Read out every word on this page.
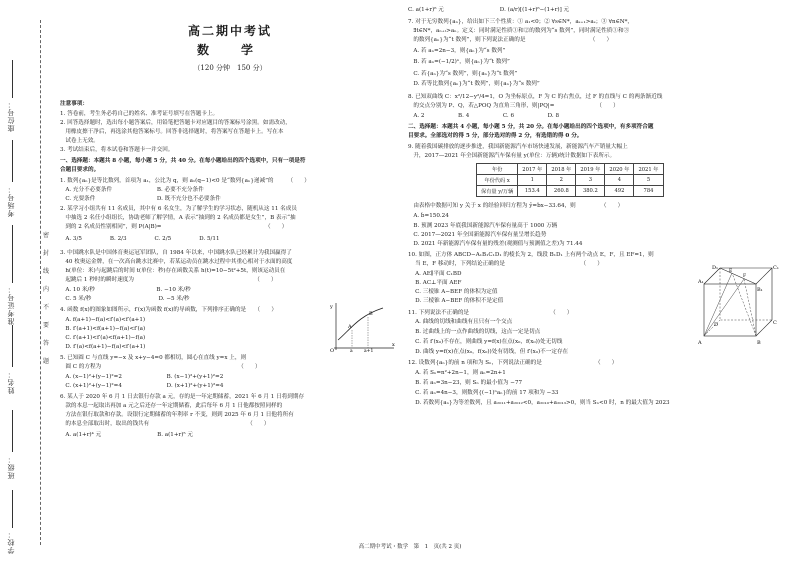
座位号：
考场号：
准考证号：
姓名：
班级：
学校：
密
封
线
内
不
要
答
题
高二期中考试
数　学
（120 分钟　150 分）
注意事项：
1. 答卷前，考生务必将自己的姓名、准考证号填写在答题卡上。
2. 回答选择题时，选出每小题答案后，用铅笔把答题卡对应题目的答案标号涂黑。如需改动，
用橡皮擦干净后，再选涂其他答案标号。回答非选择题时，将答案写在答题卡上。写在本
试卷上无效。
3. 考试结束后，将本试卷和答题卡一并交回。
一、选择题：本题共 8 小题，每小题 5 分，共 40 分。在每小题给出的四个选项中，只有一项是符
合题目要求的。
1. 数列{aₙ}是等比数列，首项为 a₁，公比为 q，则 a₁(q−1)<0 是“数列{aₙ}递减”的　　　（　　）
A. 充分不必要条件　　　　　　　　B. 必要不充分条件
C. 充要条件　　　　　　　　　　　D. 既不充分也不必要条件
2. 某学习小组共有 11 名成员，其中有 6 名女生，为了解学生的学习状态，随机从这 11 名成员
中抽选 2 名任小组组长，协助老师了解学情，A 表示“抽到的 2 名成员都是女生”，B 表示“抽
到的 2 名成员性别相同”，则 P(A|B)=　　　　　　　　　　　　　　　　　　　（　　）
A. 3/5　　　　　B. 2/3　　　　　C. 2/5　　　　　D. 5/11
3. 中国跳水队是中国体育奥运冠军团队，自 1984 年以来，中国跳水队已经累计为我国赢得了
40 枚奥运金牌，在一次高台跳水比赛中，若某运动员在跳水过程中其重心相对于水面的高度
h(单位：米)与起跳后的时间 t(单位：秒)存在函数关系 h(t)=10−5t²+5t，则该运动员在
起跳后 1 秒时的瞬时速度为　　　　　　　　　　　　　　　　　　　　　　（　　）
A. 10 米/秒　　　　　　　　　　　B. −10 米/秒
C. 5 米/秒　　　　　　　　　　　　D. −5 米/秒
4. 函数 f(x)的图象如图所示，f′(x)为函数 f(x)的导函数，下列排序正确的是　　（　　）
A. f(a+1)−f(a)<f′(a)<f′(a+1)
B. f′(a+1)<f(a+1)−f(a)<f′(a)
C. f′(a+1)<f′(a)<f(a+1)−f(a)
D. f′(a)<f(a+1)−f(a)<f′(a+1)
5. 已知圆 C 与直线 y=−x 及 x+y−4=0 都相切，圆心在直线 y=x 上，则
圆 C 的方程为　　　　　　　　　　　　　　　　　　　　　　　　　（　　）
A. (x−1)²+(y−1)²=2　　　　　　　　B. (x−1)²+(y+1)²=2
C. (x+1)²+(y−1)²=4　　　　　　　　D. (x+1)²+(y+1)²=4
6. 某人于 2020 年 6 月 1 日去银行存款 a 元，存的是一年定期储蓄，2021 年 6 月 1 日将到期存
款的本息一起取出再加 a 元之后还存一年定期储蓄，此后每年 6 月 1 日他都按照同样的
方法在银行取款和存款。设银行定期储蓄的年利率 r 不变，则到 2025 年 6 月 1 日他将所有
的本息全部取出时，取出的钱共有　　　　　　　　　　　　　　　　　　（　　）
A. a(1+r)⁴ 元　　　　　　　　　　B. a(1+r)⁵ 元
y
x
O	a	a+1
A
B
C. a(1+r)⁶ 元　　　　　　　　　　D. (a/r)[(1+r)⁶−(1+r)] 元
7. 对于无穷数列{aₙ}，给出如下三个性质：① a₁<0；② ∀s∈N*，aₛ₊₁>aₛ；③ ∀n∈N*，
∃t∈N*，aₙ₊ₜ>aₙ。定义：同时满足性质①和②的数列为“s 数列”，同时满足性质①和③
的数列{aₙ}为“t 数列”，则下列说法正确的是　　　　　　　　　　　　（　　）
A. 若 aₙ=2n−3，则{aₙ}为“s 数列”
B. 若 aₙ=(−1/2)ⁿ，则{aₙ}为“t 数列”
C. 若{aₙ}为“s 数列”，则{aₙ}为“t 数列”
D. 若等比数列{aₙ}为“t 数列”，则{aₙ}为“s 数列”
8. 已知双曲线 C：x²/12−y²/4=1，O 为坐标原点，F 为 C 的右焦点，过 F 的直线与 C 的两条渐近线
的交点分别为 P、Q，若△POQ 为直角三角形，则|PQ|=　　　　　　　　（　　）
A. 2　　　　　　B. 4　　　　　　C. 6　　　　　　D. 8
二、选择题：本题共 4 小题，每小题 5 分，共 20 分。在每小题给出的四个选项中，有多项符合题
目要求。全部选对的得 5 分，部分选对的得 2 分，有选错的得 0 分。
9. 随着我国碳排放的逐步推进，我国新能源汽车市场快速发展，新能源汽车产销量大幅上
升，2017—2021 年全国新能源汽车保有量 y(单位：万辆)统计数据如下表所示。
年份	2017 年	2018 年	2019 年	2020 年	2021 年
年份代码 x	1	2	3	4	5
保有量 y/万辆	153.4	260.8	380.2	492	784
由表格中数据可知 y 关于 x 的经验回归方程为 ŷ=b̂x−33.64，则　　　　　（　　）
A. b̂=150.24
B. 预测 2023 年底我国新能源汽车保有量高于 1000 万辆
C. 2017—2021 年全国新能源汽车保有量呈增长趋势
D. 2021 年新能源汽车保有量的残差(观测值与预测值之差)为 71.44
10. 如图，正方体 ABCD−A₁B₁C₁D₁ 的棱长为 2，线段 B₁D₁ 上有两个动点 E，F，且 EF=1，则
当 E，F 移动时，下列结论正确的是　　　　　　　　　　　　　　（　　）
A. AE∥平面 C₁BD
B. AC⊥平面 AEF
C. 三棱锥 A−BEF 的体积为定值
D. 三棱锥 A−BEF 的体积不是定值
11. 下列说法不正确的是　　　　　　　　　　　　　　　（　　）
A. 曲线的切线和曲线有且只有一个交点
B. 过曲线上的一点作曲线的切线，这点一定是切点
C. 若 f′(x₀)不存在，则曲线 y=f(x)在点(x₀，f(x₀))处无切线
D. 曲线 y=f(x)在点(x₀，f(x₀))处有切线，但 f′(x₀)不一定存在
12. 设数列{aₙ}的前 n 项和为 Sₙ，下列说法正确的是　　　　　　　　　　（　　）
A. 若 Sₙ=n²+2n−1，则 aₙ=2n+1
B. 若 aₙ=3n−23，则 Sₙ 的最小值为 −77
C. 若 aₙ=4n−3，则数列{(−1)ⁿaₙ}的前 17 项和为 −33
D. 若数列{aₙ}为等差数列，且 a₂₀₁₁+a₂₀₁₂<0，a₂₀₁₀+a₂₀₁₃>0，则当 Sₙ<0 时，n 的最大值为 2023
D₁	C₁
A₁
B₁
E
F
D	C
A	B
高二期中考试・数学　第　1　页(共 2 页)
